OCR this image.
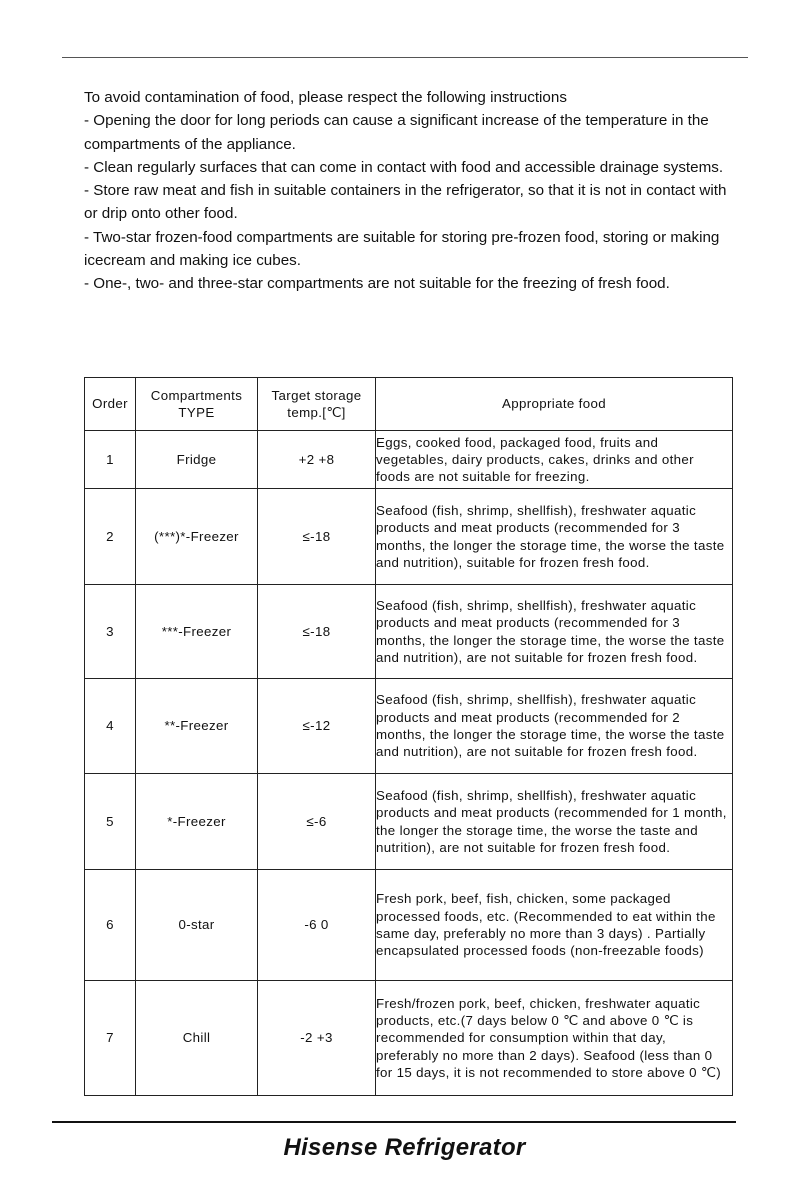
To avoid contamination of food, please respect the following instructions

- Opening the door for long periods can cause a significant increase of the temperature in the compartments of the appliance.

- Clean regularly surfaces that can come in contact with food and accessible drainage systems.

- Store raw meat and fish in suitable containers in the refrigerator, so that it is not in contact with or drip onto other food.

- Two-star frozen-food compartments are suitable for storing pre-frozen food, storing or making icecream and making ice cubes.

- One-, two- and three-star compartments are not suitable for the freezing of fresh food.

Order	Compartments TYPE	Target storage temp.[℃]	Appropriate food
1	Fridge	+2 +8	Eggs, cooked food, packaged food, fruits and vegetables, dairy products, cakes, drinks and other foods are not suitable for freezing.
2	(***)*-Freezer	≤-18	Seafood (fish, shrimp, shellfish), freshwater aquatic products and meat products (recommended for 3 months, the longer the storage time, the worse the taste and nutrition), suitable for frozen fresh food.
3	***-Freezer	≤-18	Seafood (fish, shrimp, shellfish), freshwater aquatic products and meat products (recommended for 3 months, the longer the storage time, the worse the taste and nutrition), are not suitable for frozen fresh food.
4	**-Freezer	≤-12	Seafood (fish, shrimp, shellfish), freshwater aquatic products and meat products (recommended for 2 months, the longer the storage time, the worse the taste and nutrition), are not suitable for frozen fresh food.
5	*-Freezer	≤-6	Seafood (fish, shrimp, shellfish), freshwater aquatic products and meat products (recommended for 1 month, the longer the storage time, the worse the taste and nutrition), are not suitable for frozen fresh food.
6	0-star	-6 0	Fresh pork, beef, fish, chicken, some packaged processed foods, etc. (Recommended to eat within the same day, preferably no more than 3 days) . Partially encapsulated processed foods (non-freezable foods)
7	Chill	-2 +3	Fresh/frozen pork, beef, chicken, freshwater aquatic products, etc.(7 days below 0 ℃ and above 0 ℃ is recommended for consumption within that day, preferably no more than 2 days). Seafood (less than 0 for 15 days, it is not recommended to store above 0 ℃)
Hisense Refrigerator
